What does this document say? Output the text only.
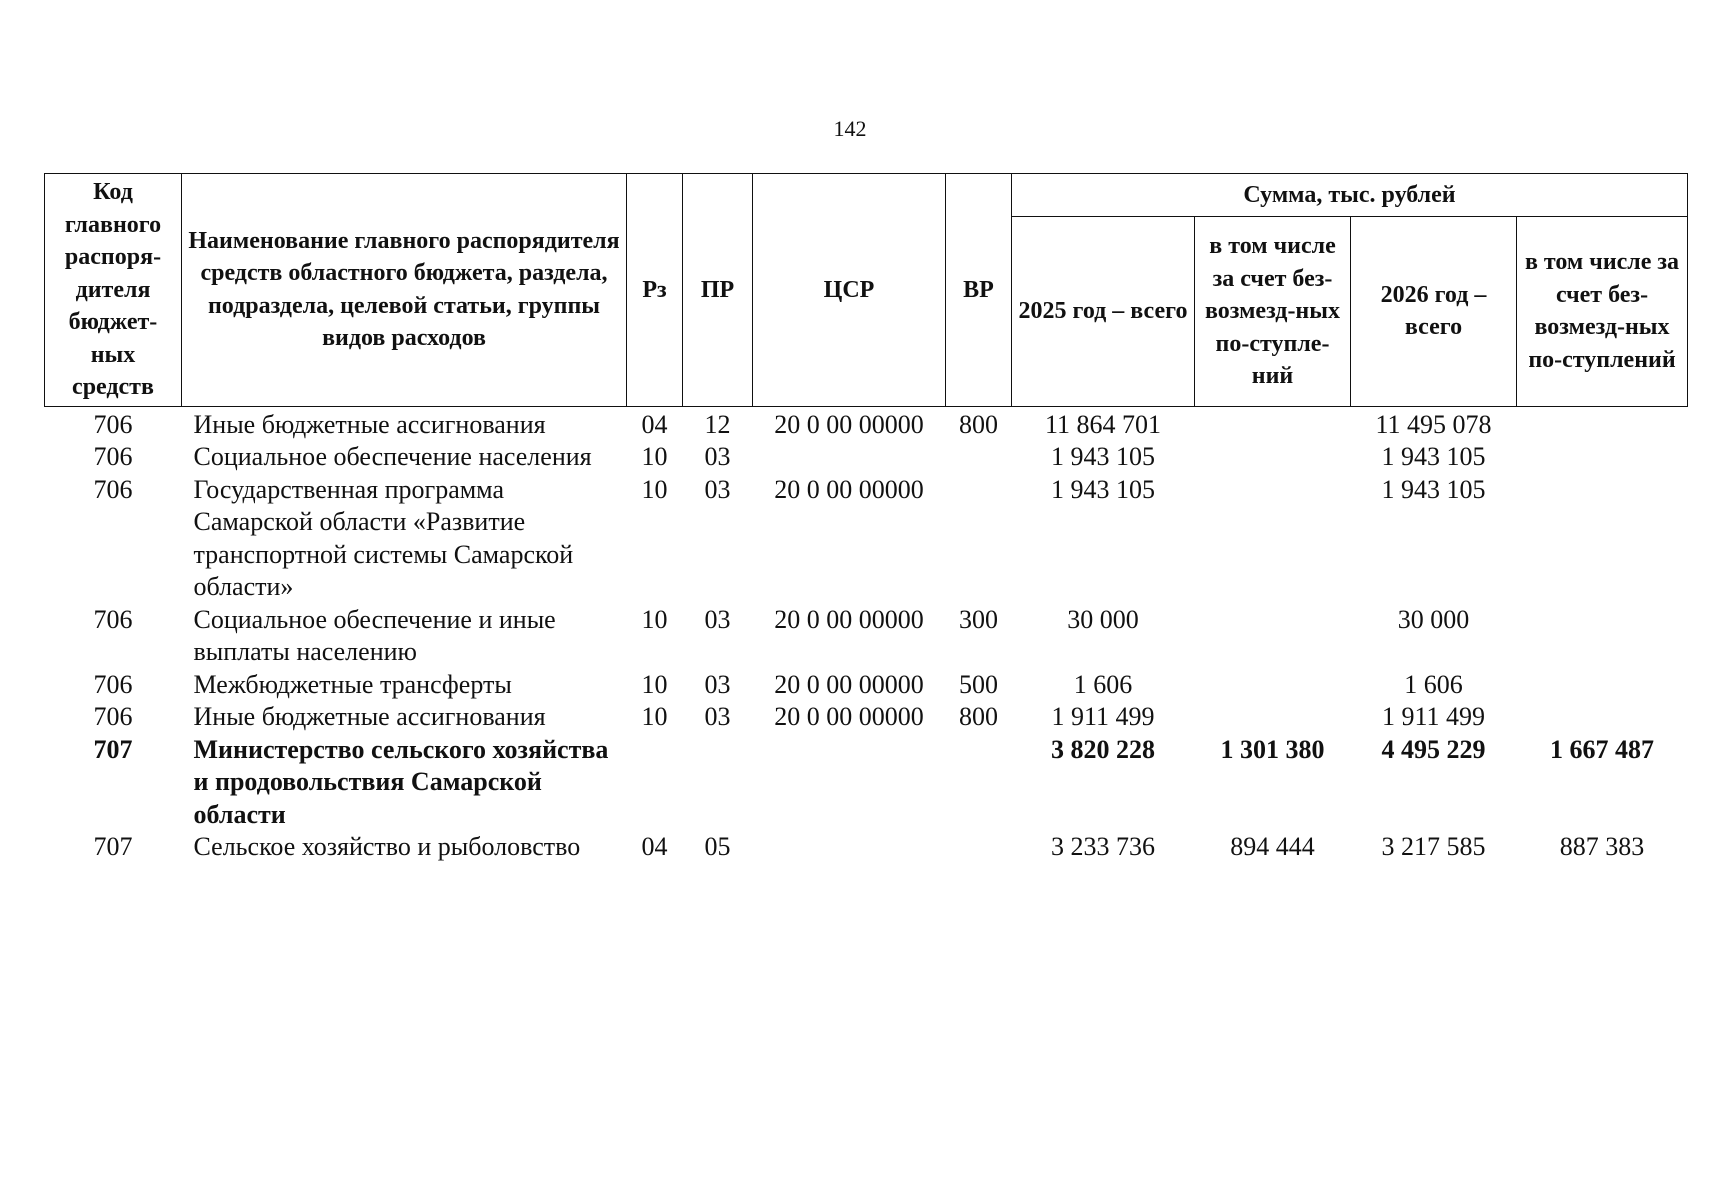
142
Код главного распоря-дителя бюджет-ных средств	Наименование главного распорядителя средств областного бюджета, раздела, подраздела, целевой статьи, группы видов расходов	Рз	ПР	ЦСР	ВР	Сумма, тыс. рублей			
						2025 год – всего	в том числе за счет без-возмезд-ных по-ступле-ний	2026 год – всего	в том числе за счет без-возмезд-ных по-ступлений
706	Иные бюджетные ассигнования	04	12	20 0 00 00000	800	11 864 701		11 495 078	
706	Социальное обеспечение населения	10	03			1 943 105		1 943 105	
706	Государственная программа Самарской области «Развитие транспортной системы Самарской области»	10	03	20 0 00 00000		1 943 105		1 943 105	
706	Социальное обеспечение и иные выплаты населению	10	03	20 0 00 00000	300	30 000		30 000	
706	Межбюджетные трансферты	10	03	20 0 00 00000	500	1 606		1 606	
706	Иные бюджетные ассигнования	10	03	20 0 00 00000	800	1 911 499		1 911 499	
707	Министерство сельского хозяйства и продовольствия Самарской области					3 820 228	1 301 380	4 495 229	1 667 487
707	Сельское хозяйство и рыболовство	04	05			3 233 736	894 444	3 217 585	887 383
